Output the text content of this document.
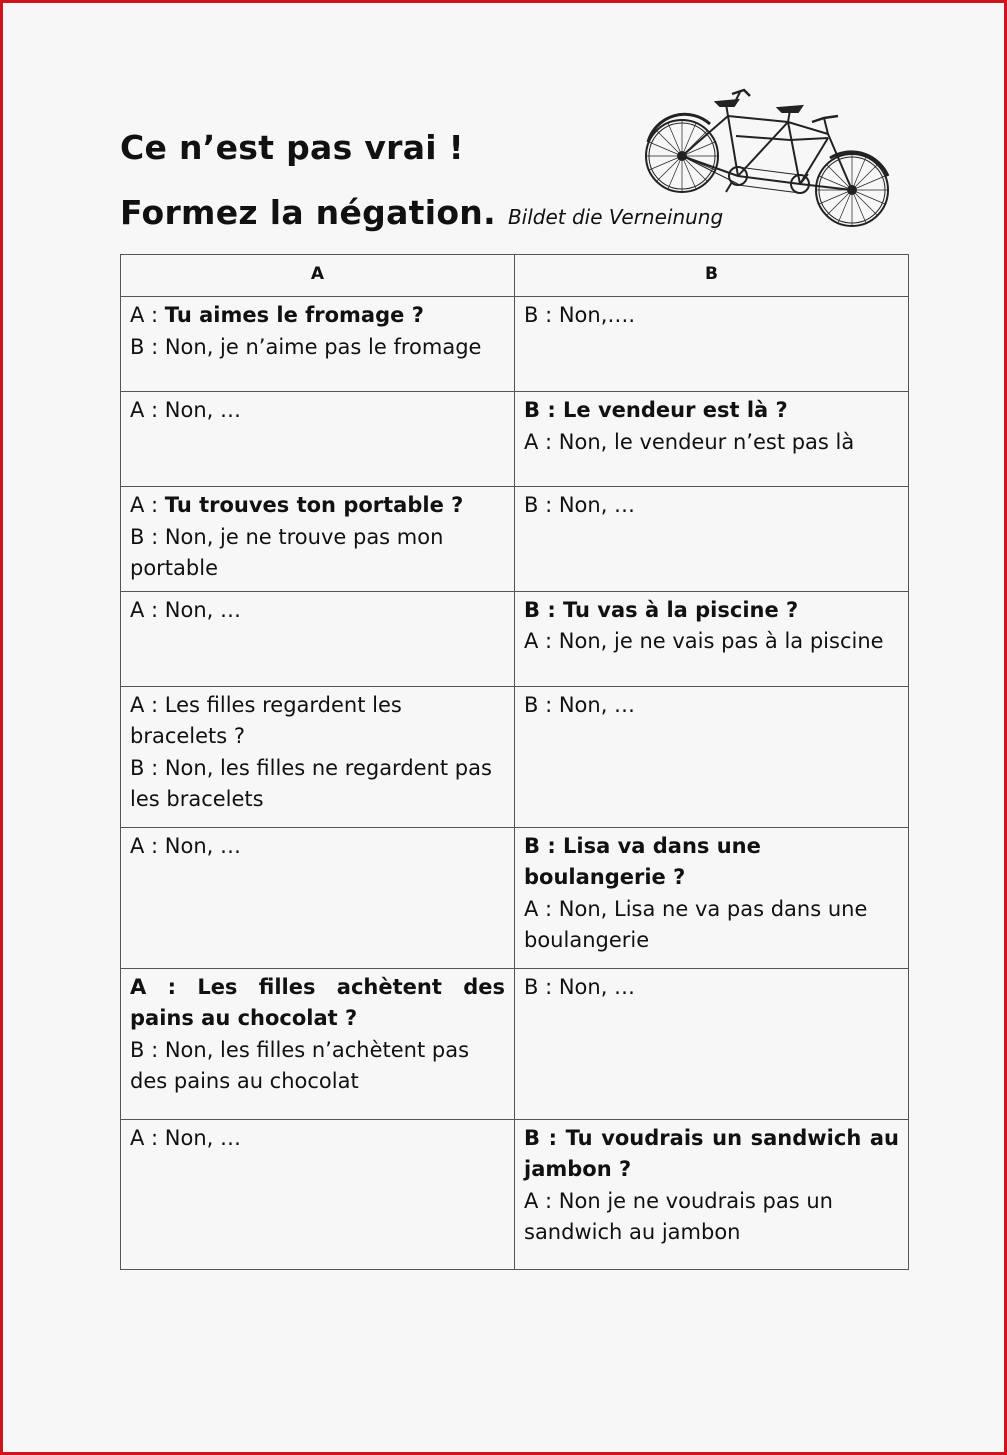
Ce n’est pas vrai !
Formez la négation. Bildet die Verneinung
A	B

A : Tu aimes le fromage ?
B : Non, je n’aime pas le fromage	B : Non,….

A : Non, …	B : Le vendeur est là ?
A : Non, le vendeur n’est pas là

A : Tu trouves ton portable ?
B : Non, je ne trouve pas mon portable	B : Non, …

A : Non, …	B : Tu vas à la piscine ?
A : Non, je ne vais pas à la piscine

A : Les filles regardent les bracelets ?
B : Non, les filles ne regardent pas les bracelets	B : Non, …

A : Non, …	B : Lisa va dans une boulangerie ?
A : Non, Lisa ne va pas dans une boulangerie

A : Les filles achètent des pains au chocolat ?
B : Non, les filles n’achètent pas des pains au chocolat	B : Non, …

A : Non, …	B : Tu voudrais un sandwich au jambon ?
A : Non je ne voudrais pas un sandwich au jambon
